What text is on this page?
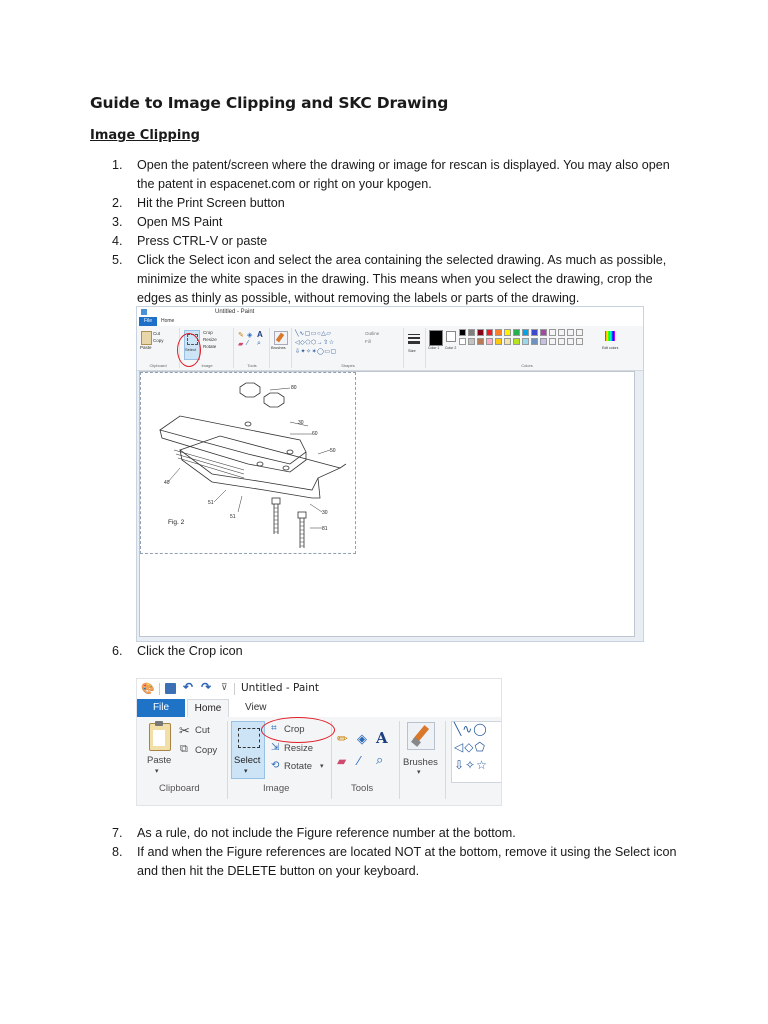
Guide to Image Clipping and SKC Drawing
Image Clipping
1.	Open the patent/screen where the drawing or image for rescan is displayed. You may also open the patent in espacenet.com or right on your kpogen.
2.	Hit the Print Screen button
3.	Open MS Paint
4.	Press CTRL-V or paste
5.	Click the Select icon and select the area containing the selected drawing. As much as possible, minimize the white spaces in the drawing. This means when you select the drawing, crop the edges as thinly as possible, without removing the labels or parts of the drawing.
Untitled - Paint
File	Home
Paste
Cut
Copy
Clipboard
Select
Crop
Resize
Rotate
Image
✎ ◈ A
▰ ⁄ ⌕
Tools
Brushes
╲∿▢▭○△▱
◁◇⬠⬡→⇧☆
⇩✦✧✶◯▭▢
Outline
Fill
Shapes
Size	Color 1 Color 2	Edit colors
Colors
80
30
60
50
40
51
51
30
81
Fig. 2
6.	Click the Crop icon
🎨 ↶ ↷ ⊽ Untitled - Paint
File	Home	View
Paste
▾
✂ Cut
⧉ Copy
Clipboard
Select
▾
⌗ Crop
⇲ Resize
⟲ Rotate ▾
Image
✏ ◈ A
▰ ⁄ ⌕
Tools
Brushes
▾
╲∿◯
◁◇⬠
⇩✧☆
7.	As a rule, do not include the Figure reference number at the bottom.
8.	If and when the Figure references are located NOT at the bottom, remove it using the Select icon and then hit the DELETE button on your keyboard.
